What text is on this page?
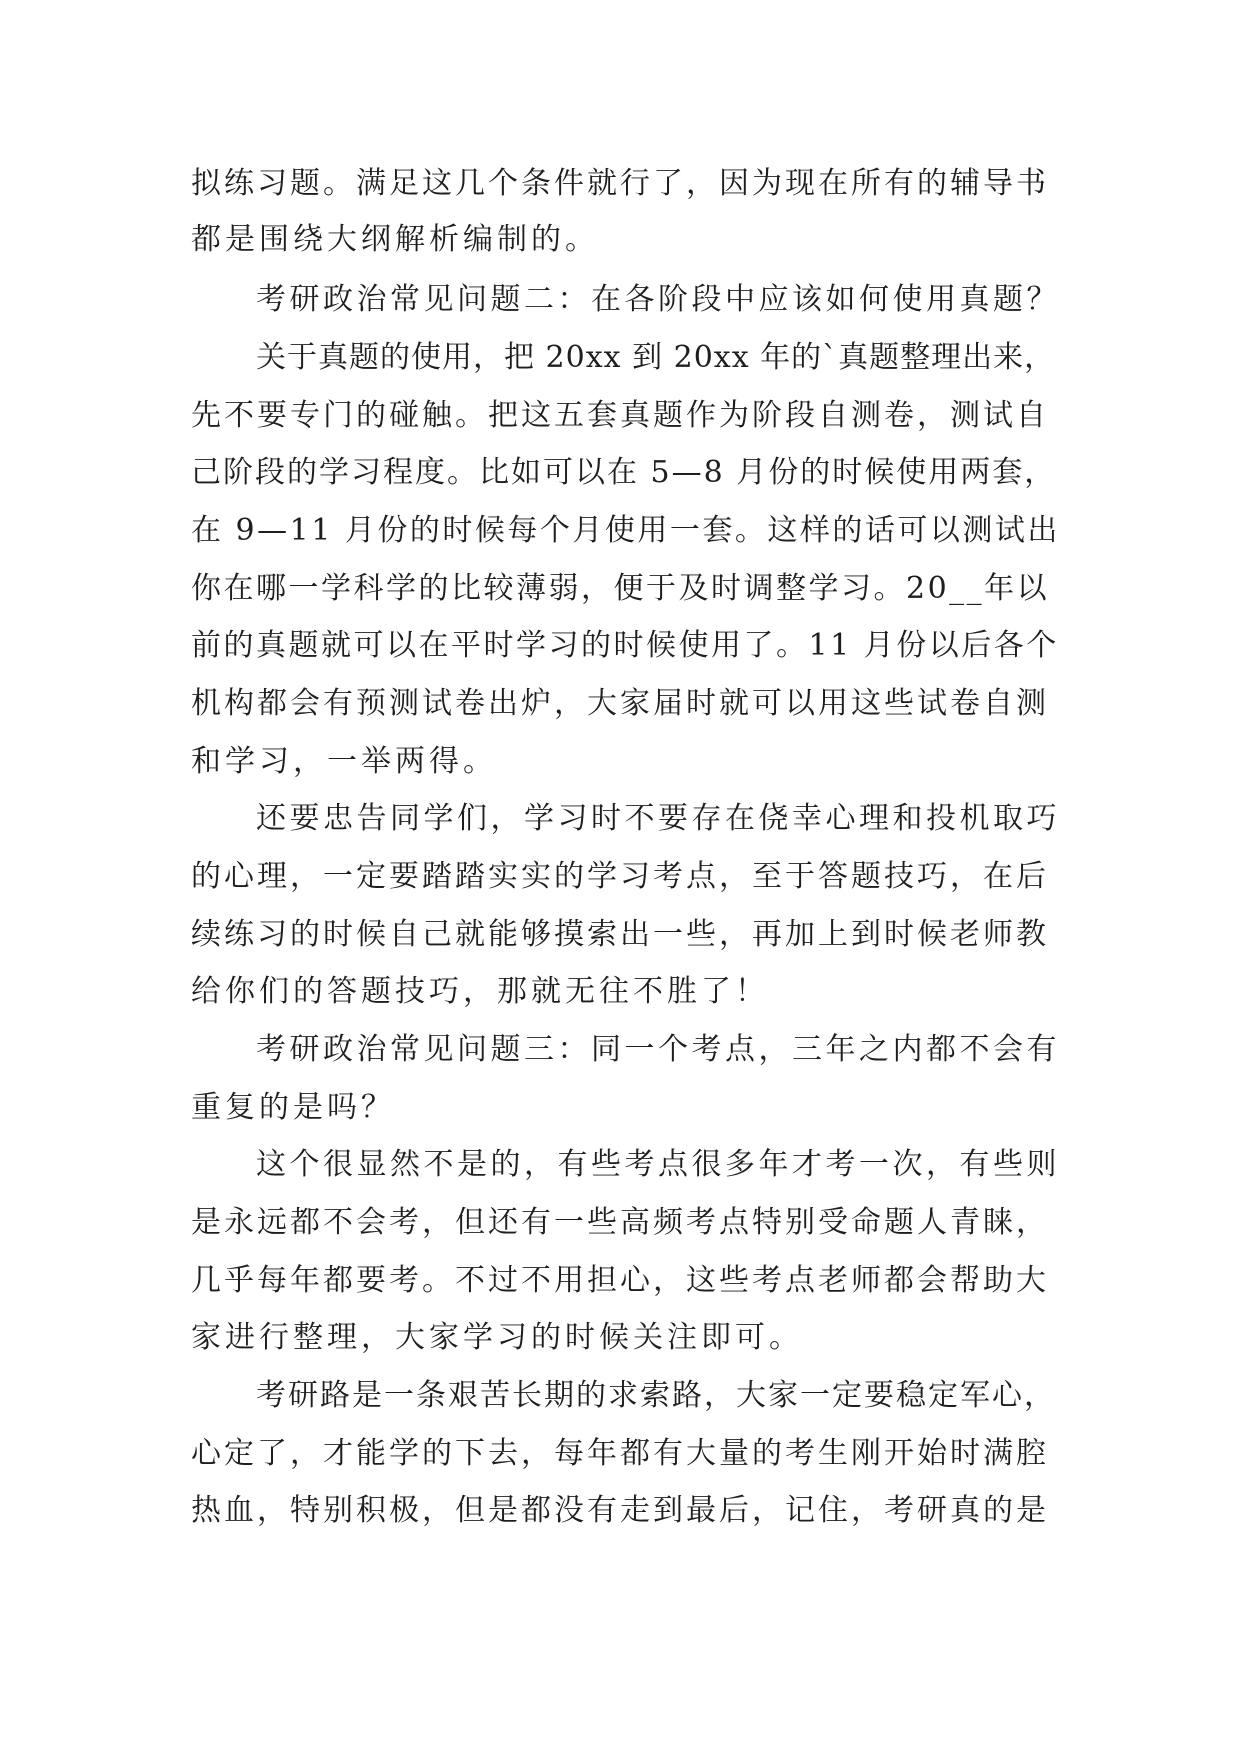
拟练习题。满足这几个条件就行了，因为现在所有的辅导书

都是围绕大纲解析编制的。

考研政治常见问题二：在各阶段中应该如何使用真题？

关于真题的使用，把 20xx 到 20xx 年的`真题整理出来，

先不要专门的碰触。把这五套真题作为阶段自测卷，测试自

己阶段的学习程度。比如可以在 5—8 月份的时候使用两套，

在 9—11 月份的时候每个月使用一套。这样的话可以测试出

你在哪一学科学的比较薄弱，便于及时调整学习。20__年以

前的真题就可以在平时学习的时候使用了。11 月份以后各个

机构都会有预测试卷出炉，大家届时就可以用这些试卷自测

和学习，一举两得。

还要忠告同学们，学习时不要存在侥幸心理和投机取巧

的心理，一定要踏踏实实的学习考点，至于答题技巧，在后

续练习的时候自己就能够摸索出一些，再加上到时候老师教

给你们的答题技巧，那就无往不胜了！

考研政治常见问题三：同一个考点，三年之内都不会有

重复的是吗？

这个很显然不是的，有些考点很多年才考一次，有些则

是永远都不会考，但还有一些高频考点特别受命题人青睐，

几乎每年都要考。不过不用担心，这些考点老师都会帮助大

家进行整理，大家学习的时候关注即可。

考研路是一条艰苦长期的求索路，大家一定要稳定军心，

心定了，才能学的下去，每年都有大量的考生刚开始时满腔

热血，特别积极，但是都没有走到最后，记住，考研真的是
